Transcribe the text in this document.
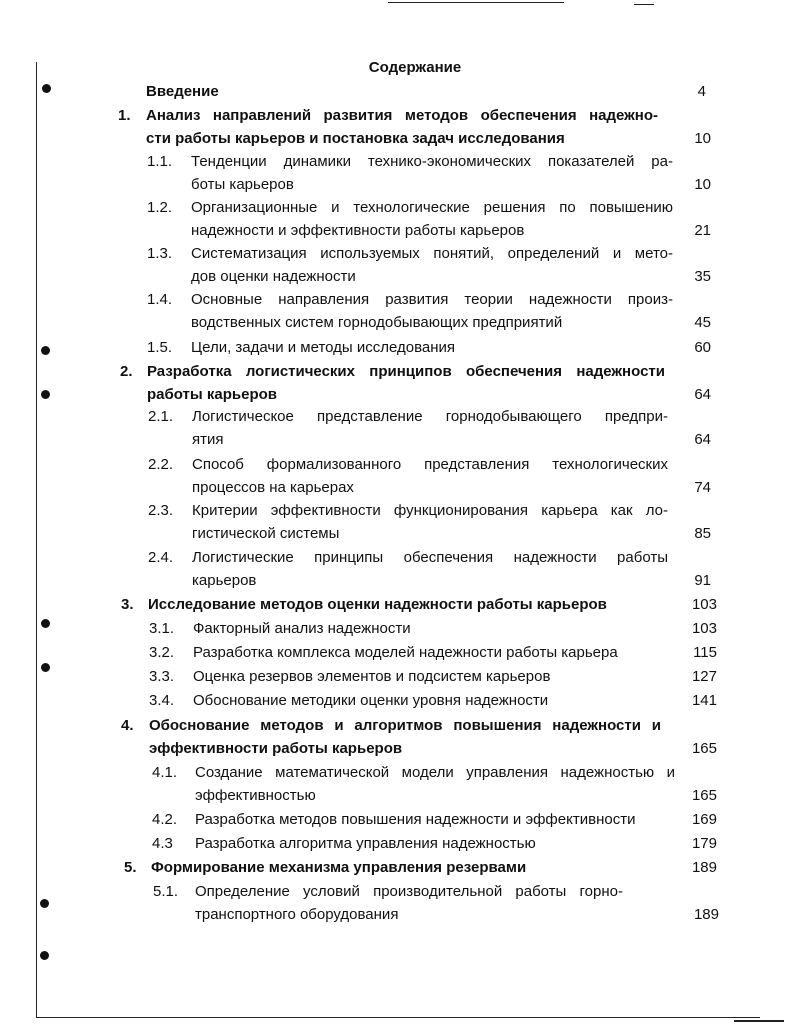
Содержание
Введение	4
1. Анализ направлений развития методов обеспечения надежно-
сти работы карьеров и постановка задач исследования	10
1.1. Тенденции динамики технико-экономических показателей ра-
боты карьеров	10
1.2. Организационные и технологические решения по повышению
надежности и эффективности работы карьеров	21
1.3. Систематизация используемых понятий, определений и мето-
дов оценки надежности	35
1.4. Основные направления развития теории надежности произ-
водственных систем горнодобывающих предприятий	45
1.5. Цели, задачи и методы исследования	60
2. Разработка логистических принципов обеспечения надежности
работы карьеров	64
2.1. Логистическое представление горнодобывающего предпри-
ятия	64
2.2. Способ формализованного представления технологических
процессов на карьерах	74
2.3. Критерии эффективности функционирования карьера как ло-
гистической системы	85
2.4. Логистические принципы обеспечения надежности работы
карьеров	91
3. Исследование методов оценки надежности работы карьеров	103
3.1. Факторный анализ надежности	103
3.2. Разработка комплекса моделей надежности работы карьера	115
3.3. Оценка резервов элементов и подсистем карьеров	127
3.4. Обоснование методики оценки уровня надежности	141
4. Обоснование методов и алгоритмов повышения надежности и
эффективности работы карьеров	165
4.1. Создание математической модели управления надежностью и
эффективностью	165
4.2. Разработка методов повышения надежности и эффективности	169
4.3 Разработка алгоритма управления надежностью	179
5. Формирование механизма управления резервами	189
5.1. Определение условий производительной работы горно-
транспортного оборудования	189
